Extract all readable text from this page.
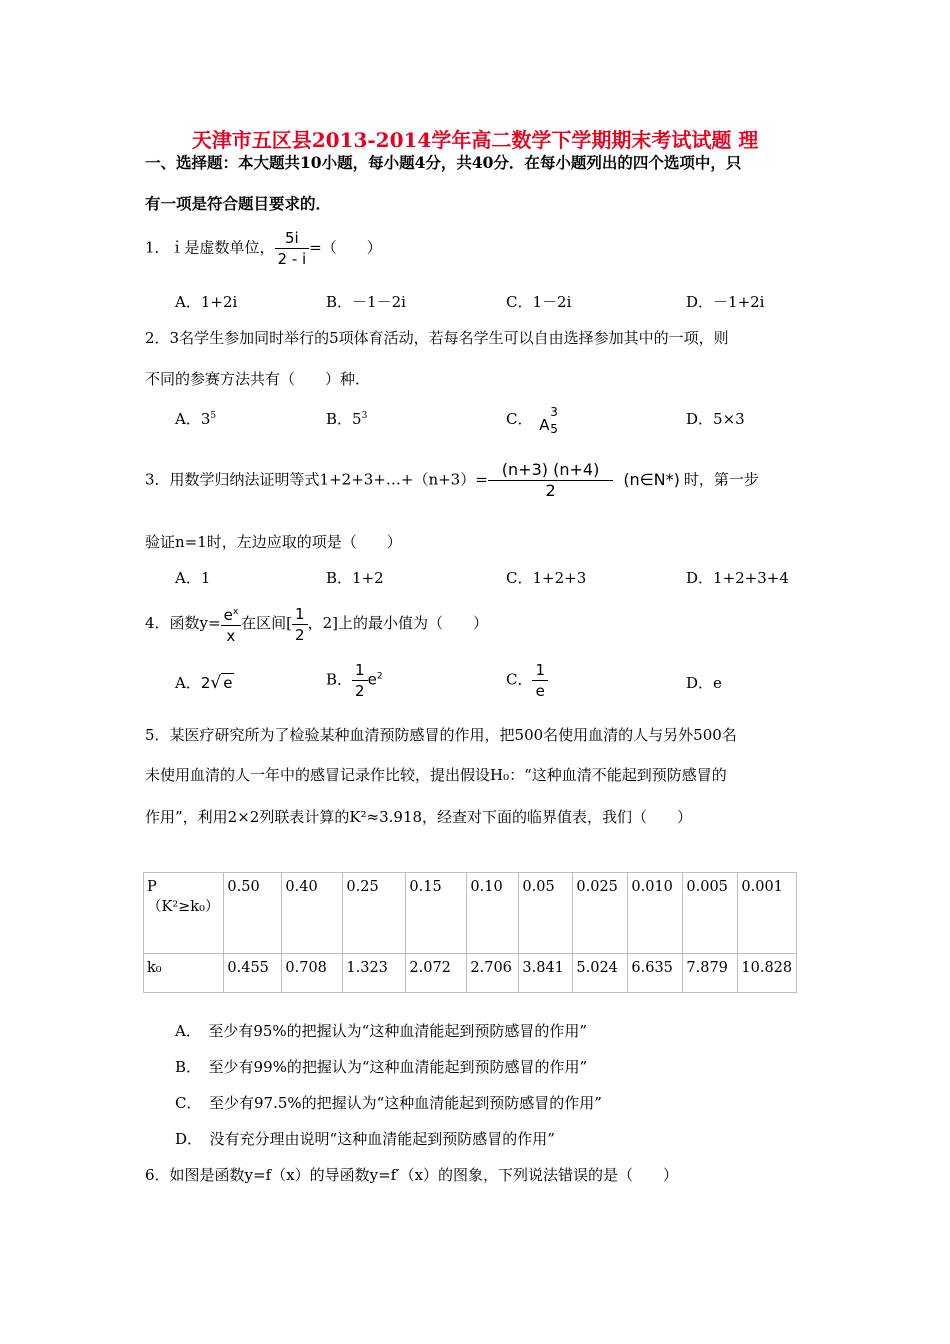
天津市五区县2013-2014学年高二数学下学期期末考试试题 理
一、选择题：本大题共10小题，每小题4分，共40分．在每小题列出的四个选项中，只
有一项是符合题目要求的．
1．ｉ是虚数单位， $\frac{5i}{2 - i}$ =（　　）
A．1+2i	B．－1－2i	C．1－2i	D．－1+2i
2．3名学生参加同时举行的5项体育活动，若每名学生可以自由选择参加其中的一项，则
不同的参赛方法共有（　　）种．
A．$3^5$	B．$5^3$	C． A
3
5
D．5×3
3．用数学归纳法证明等式1+2+3+…+（n+3）= $\frac{(n+3) (n+4)}{2}$ (n∈N*) 时，第一步
验证n=1时，左边应取的项是（　　）
A．1	B．1+2	C．1+2+3	D．1+2+3+4
4．函数$y= \frac{e^x}{x}$ 在区间[ $\frac{1}{2}$ ，2]上的最小值为（　　）
A．2√ e	B． $\frac{1}{2} e^2$	C． $\frac{1}{e}$	D．e
5．某医疗研究所为了检验某种血清预防感冒的作用，把500名使用血清的人与另外500名
未使用血清的人一年中的感冒记录作比较，提出假设H₀：“这种血清不能起到预防感冒的
作用”，利用2×2列联表计算的K²≈3.918，经查对下面的临界值表，我们（　　）
P（K²≥k₀）	0.50	0.40	0.25	0.15	0.10	0.05	0.025	0.010	0.005	0.001
k₀	0.455	0.708	1.323	2.072	2.706	3.841	5.024	6.635	7.879	10.828
A．　至少有95%的把握认为“这种血清能起到预防感冒的作用”
B．　至少有99%的把握认为“这种血清能起到预防感冒的作用”
C．　至少有97.5%的把握认为“这种血清能起到预防感冒的作用”
D．　没有充分理由说明“这种血清能起到预防感冒的作用”
6．如图是函数y=f（x）的导函数y=f′（x）的图象，下列说法错误的是（　　）
